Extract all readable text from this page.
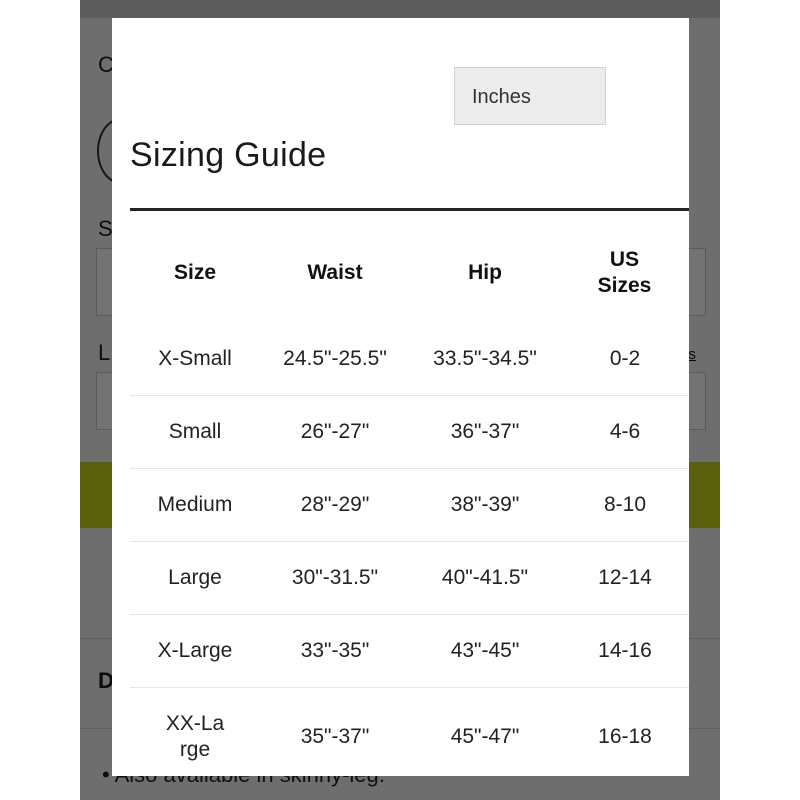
Inches
Sizing Guide
Size	Waist	Hip	US Sizes
X-Small	24.5"-25.5"	33.5"-34.5"	0-2
Small	26"-27"	36"-37"	4-6
Medium	28"-29"	38"-39"	8-10
Large	30"-31.5"	40"-41.5"	12-14
X-Large	33"-35"	43"-45"	14-16
XX-Large	35"-37"	45"-47"	16-18
